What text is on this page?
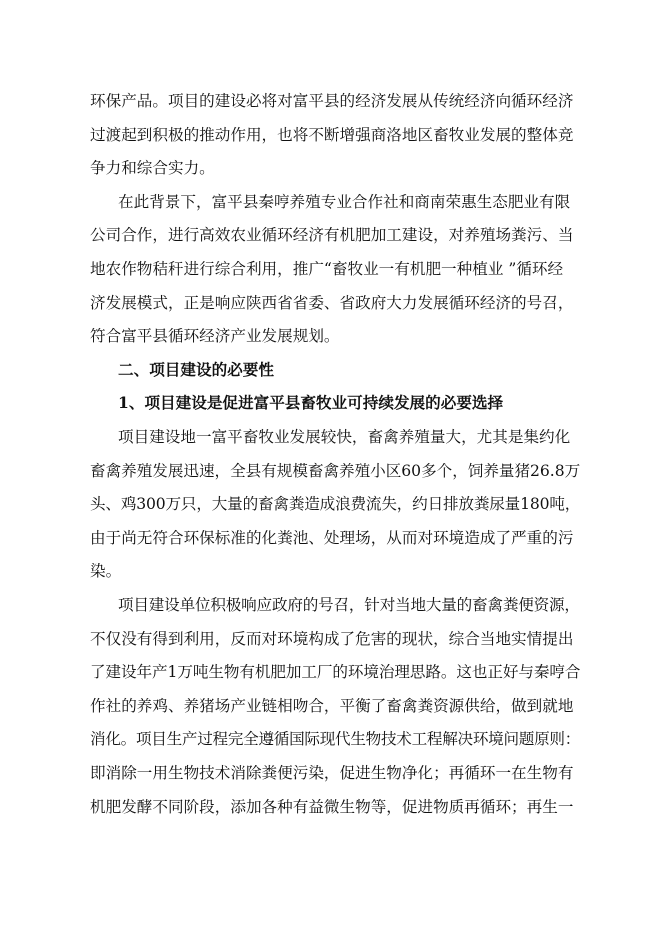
环保产品。项目的建设必将对富平县的经济发展从传统经济向循环经济
过渡起到积极的推动作用，也将不断增强商洛地区畜牧业发展的整体竞
争力和综合实力。
在此背景下，富平县秦哼养殖专业合作社和商南荣惠生态肥业有限
公司合作，进行高效农业循环经济有机肥加工建设，对养殖场粪污、当
地农作物秸秆进行综合利用，推广“畜牧业一有机肥一种植业 ”循环经
济发展模式，正是响应陕西省省委、省政府大力发展循环经济的号召，
符合富平县循环经济产业发展规划。
二、项目建设的必要性
1、项目建设是促进富平县畜牧业可持续发展的必要选择
项目建设地一富平畜牧业发展较快，畜禽养殖量大，尤其是集约化
畜禽养殖发展迅速，全县有规模畜禽养殖小区60多个，饲养量猪26.8万
头、鸡300万只，大量的畜禽粪造成浪费流失，约日排放粪尿量180吨，
由于尚无符合环保标准的化粪池、处理场，从而对环境造成了严重的污
染。
项目建设单位积极响应政府的号召，针对当地大量的畜禽粪便资源，
不仅没有得到利用，反而对环境构成了危害的现状，综合当地实情提出
了建设年产1万吨生物有机肥加工厂的环境治理思路。这也正好与秦哼合
作社的养鸡、养猪场产业链相吻合，平衡了畜禽粪资源供给，做到就地
消化。项目生产过程完全遵循国际现代生物技术工程解决环境问题原则：
即消除一用生物技术消除粪便污染，促进生物净化；再循环一在生物有
机肥发酵不同阶段，添加各种有益微生物等，促进物质再循环；再生一
